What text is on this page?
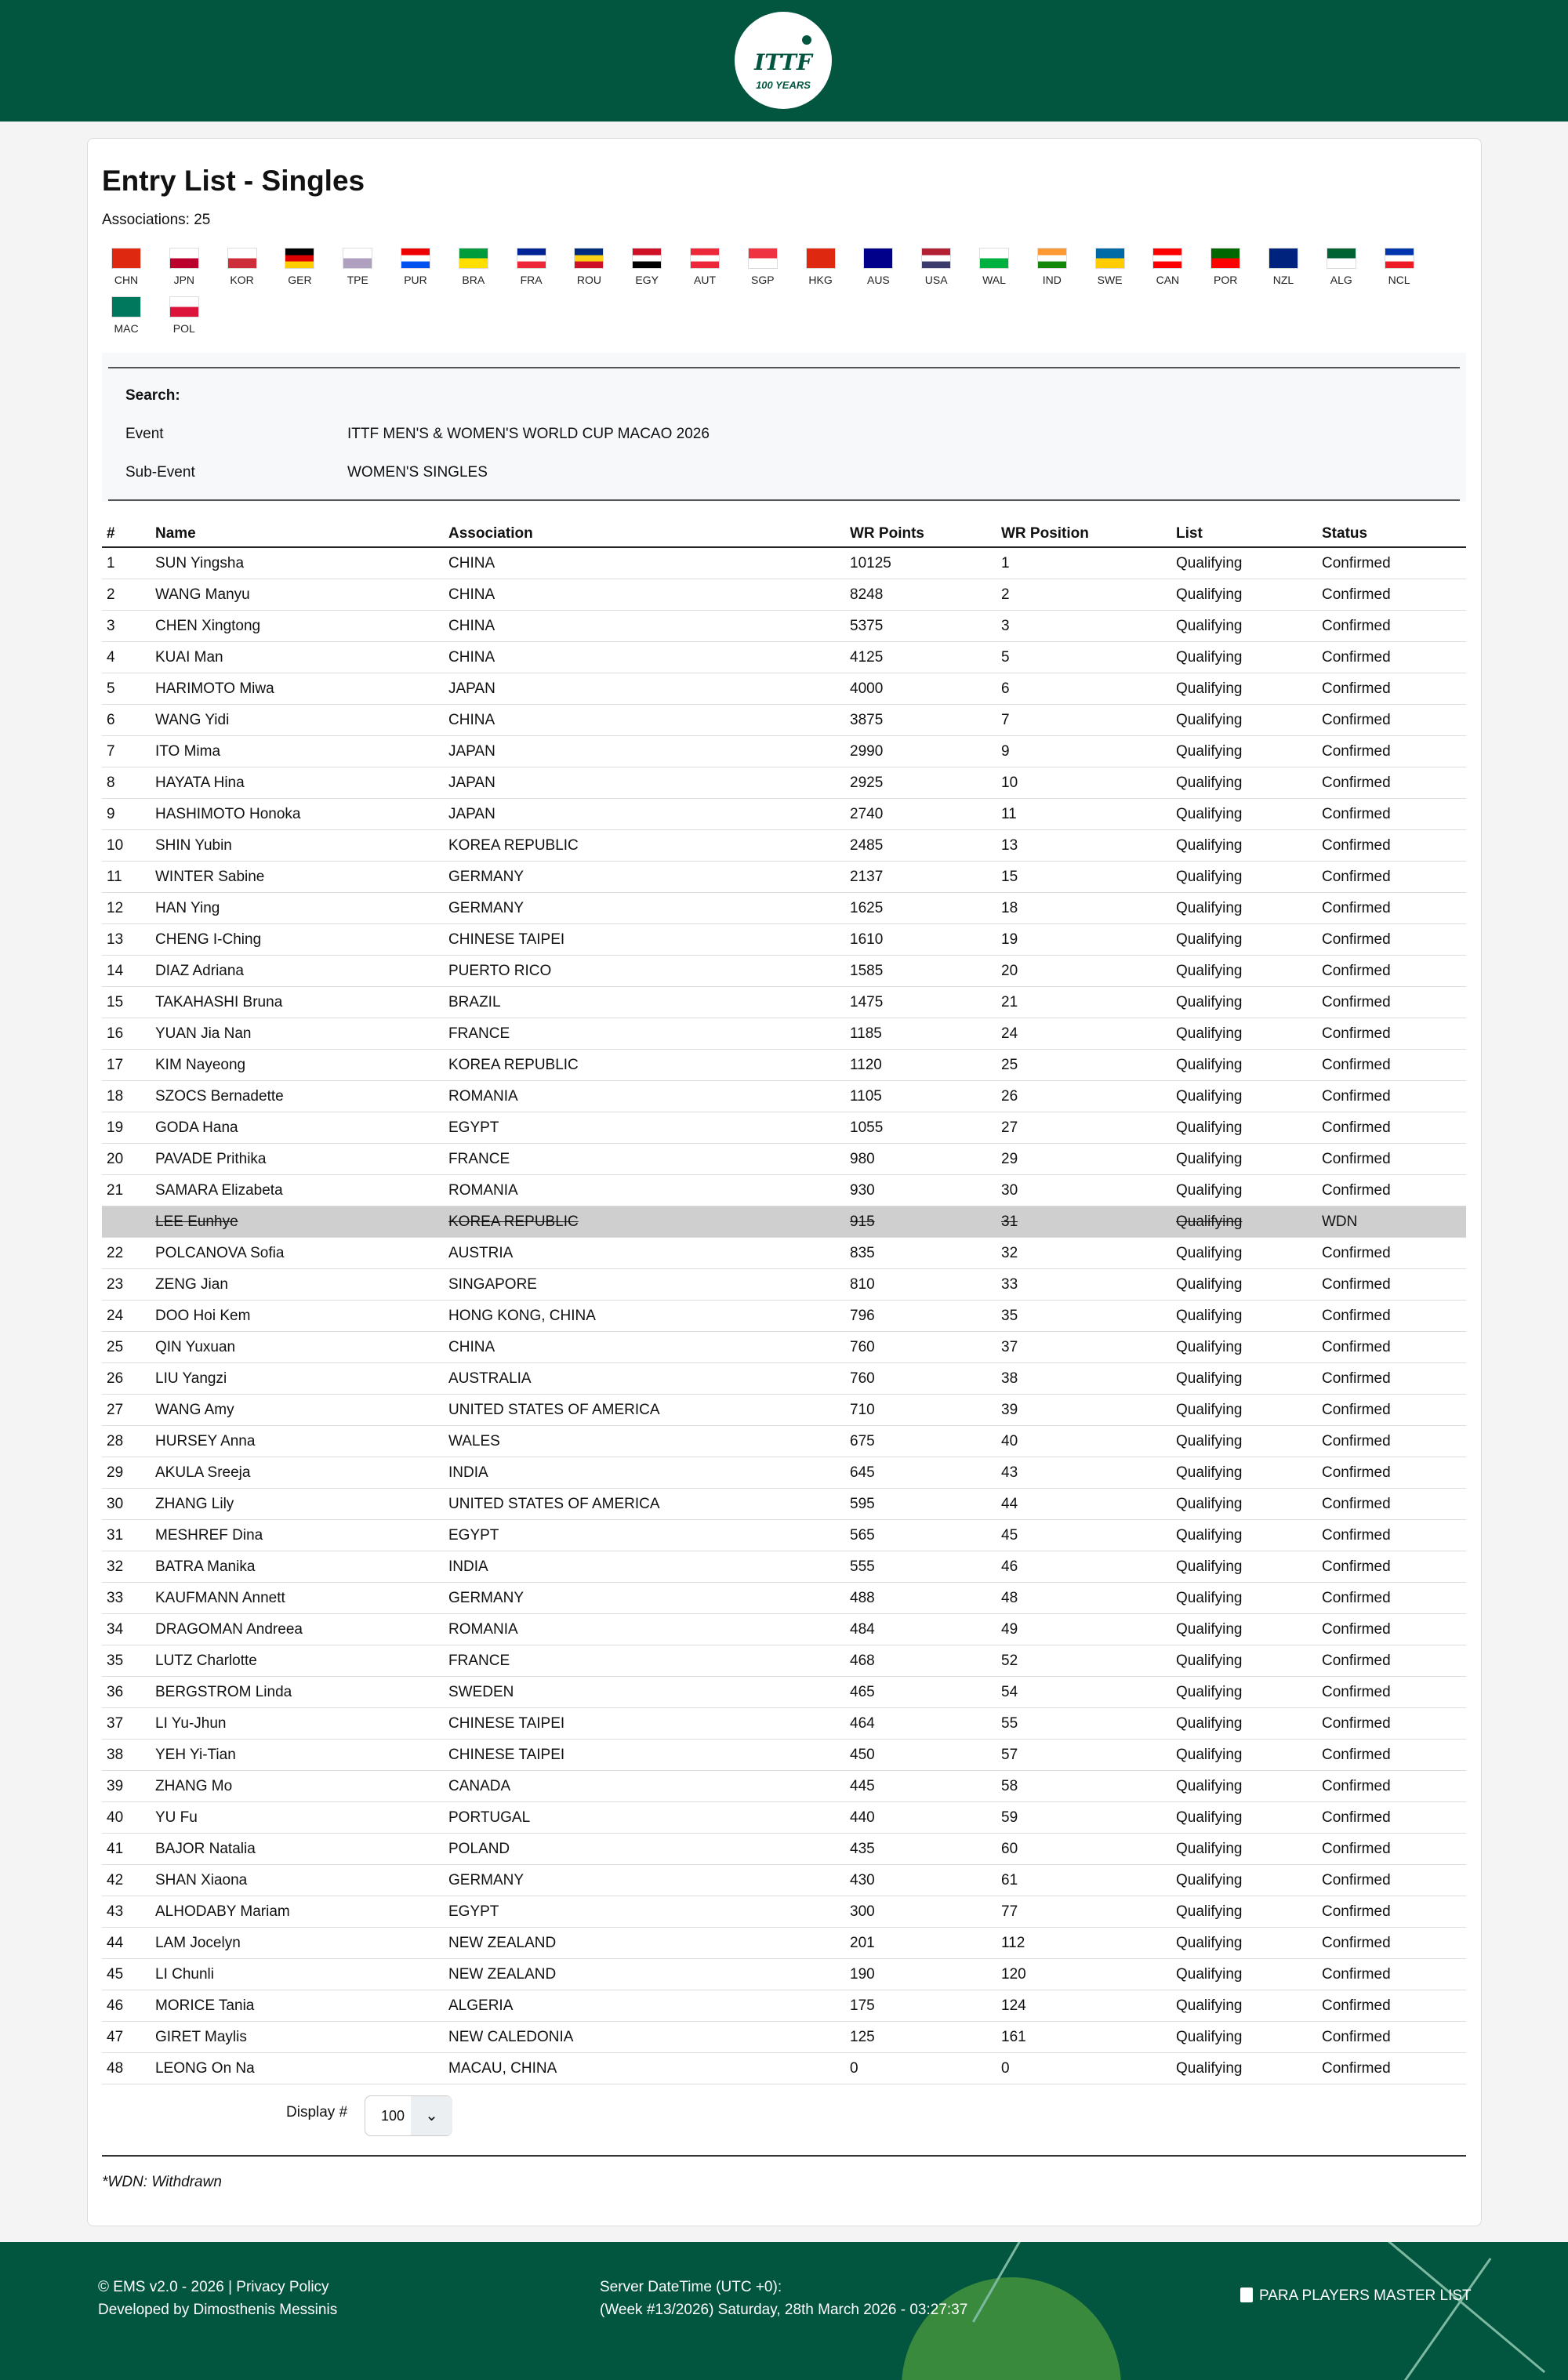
ITTF
100 YEARS
Entry List - Singles
Associations: 25
CHN	JPN	KOR	GER	TPE	PUR	BRA	FRA	ROU	EGY	AUT	SGP	HKG	AUS	USA	WAL	IND	SWE	CAN	POR	NZL	ALG	NCL
MAC	POL
Search:
Event	ITTF MEN'S & WOMEN'S WORLD CUP MACAO 2026
Sub-Event	WOMEN'S SINGLES
#	Name	Association	WR Points	WR Position	List	Status
1	SUN Yingsha	CHINA	10125	1	Qualifying	Confirmed
2	WANG Manyu	CHINA	8248	2	Qualifying	Confirmed
3	CHEN Xingtong	CHINA	5375	3	Qualifying	Confirmed
4	KUAI Man	CHINA	4125	5	Qualifying	Confirmed
5	HARIMOTO Miwa	JAPAN	4000	6	Qualifying	Confirmed
6	WANG Yidi	CHINA	3875	7	Qualifying	Confirmed
7	ITO Mima	JAPAN	2990	9	Qualifying	Confirmed
8	HAYATA Hina	JAPAN	2925	10	Qualifying	Confirmed
9	HASHIMOTO Honoka	JAPAN	2740	11	Qualifying	Confirmed
10	SHIN Yubin	KOREA REPUBLIC	2485	13	Qualifying	Confirmed
11	WINTER Sabine	GERMANY	2137	15	Qualifying	Confirmed
12	HAN Ying	GERMANY	1625	18	Qualifying	Confirmed
13	CHENG I-Ching	CHINESE TAIPEI	1610	19	Qualifying	Confirmed
14	DIAZ Adriana	PUERTO RICO	1585	20	Qualifying	Confirmed
15	TAKAHASHI Bruna	BRAZIL	1475	21	Qualifying	Confirmed
16	YUAN Jia Nan	FRANCE	1185	24	Qualifying	Confirmed
17	KIM Nayeong	KOREA REPUBLIC	1120	25	Qualifying	Confirmed
18	SZOCS Bernadette	ROMANIA	1105	26	Qualifying	Confirmed
19	GODA Hana	EGYPT	1055	27	Qualifying	Confirmed
20	PAVADE Prithika	FRANCE	980	29	Qualifying	Confirmed
21	SAMARA Elizabeta	ROMANIA	930	30	Qualifying	Confirmed
	LEE Eunhye	KOREA REPUBLIC	915	31	Qualifying	WDN
22	POLCANOVA Sofia	AUSTRIA	835	32	Qualifying	Confirmed
23	ZENG Jian	SINGAPORE	810	33	Qualifying	Confirmed
24	DOO Hoi Kem	HONG KONG, CHINA	796	35	Qualifying	Confirmed
25	QIN Yuxuan	CHINA	760	37	Qualifying	Confirmed
26	LIU Yangzi	AUSTRALIA	760	38	Qualifying	Confirmed
27	WANG Amy	UNITED STATES OF AMERICA	710	39	Qualifying	Confirmed
28	HURSEY Anna	WALES	675	40	Qualifying	Confirmed
29	AKULA Sreeja	INDIA	645	43	Qualifying	Confirmed
30	ZHANG Lily	UNITED STATES OF AMERICA	595	44	Qualifying	Confirmed
31	MESHREF Dina	EGYPT	565	45	Qualifying	Confirmed
32	BATRA Manika	INDIA	555	46	Qualifying	Confirmed
33	KAUFMANN Annett	GERMANY	488	48	Qualifying	Confirmed
34	DRAGOMAN Andreea	ROMANIA	484	49	Qualifying	Confirmed
35	LUTZ Charlotte	FRANCE	468	52	Qualifying	Confirmed
36	BERGSTROM Linda	SWEDEN	465	54	Qualifying	Confirmed
37	LI Yu-Jhun	CHINESE TAIPEI	464	55	Qualifying	Confirmed
38	YEH Yi-Tian	CHINESE TAIPEI	450	57	Qualifying	Confirmed
39	ZHANG Mo	CANADA	445	58	Qualifying	Confirmed
40	YU Fu	PORTUGAL	440	59	Qualifying	Confirmed
41	BAJOR Natalia	POLAND	435	60	Qualifying	Confirmed
42	SHAN Xiaona	GERMANY	430	61	Qualifying	Confirmed
43	ALHODABY Mariam	EGYPT	300	77	Qualifying	Confirmed
44	LAM Jocelyn	NEW ZEALAND	201	112	Qualifying	Confirmed
45	LI Chunli	NEW ZEALAND	190	120	Qualifying	Confirmed
46	MORICE Tania	ALGERIA	175	124	Qualifying	Confirmed
47	GIRET Maylis	NEW CALEDONIA	125	161	Qualifying	Confirmed
48	LEONG On Na	MACAU, CHINA	0	0	Qualifying	Confirmed
Display # 100	⌄
*WDN: Withdrawn
© EMS v2.0 - 2026 | Privacy Policy
Developed by Dimosthenis Messinis
Server DateTime (UTC +0):
(Week #13/2026) Saturday, 28th March 2026 - 03:27:37
PARA PLAYERS MASTER LIST
